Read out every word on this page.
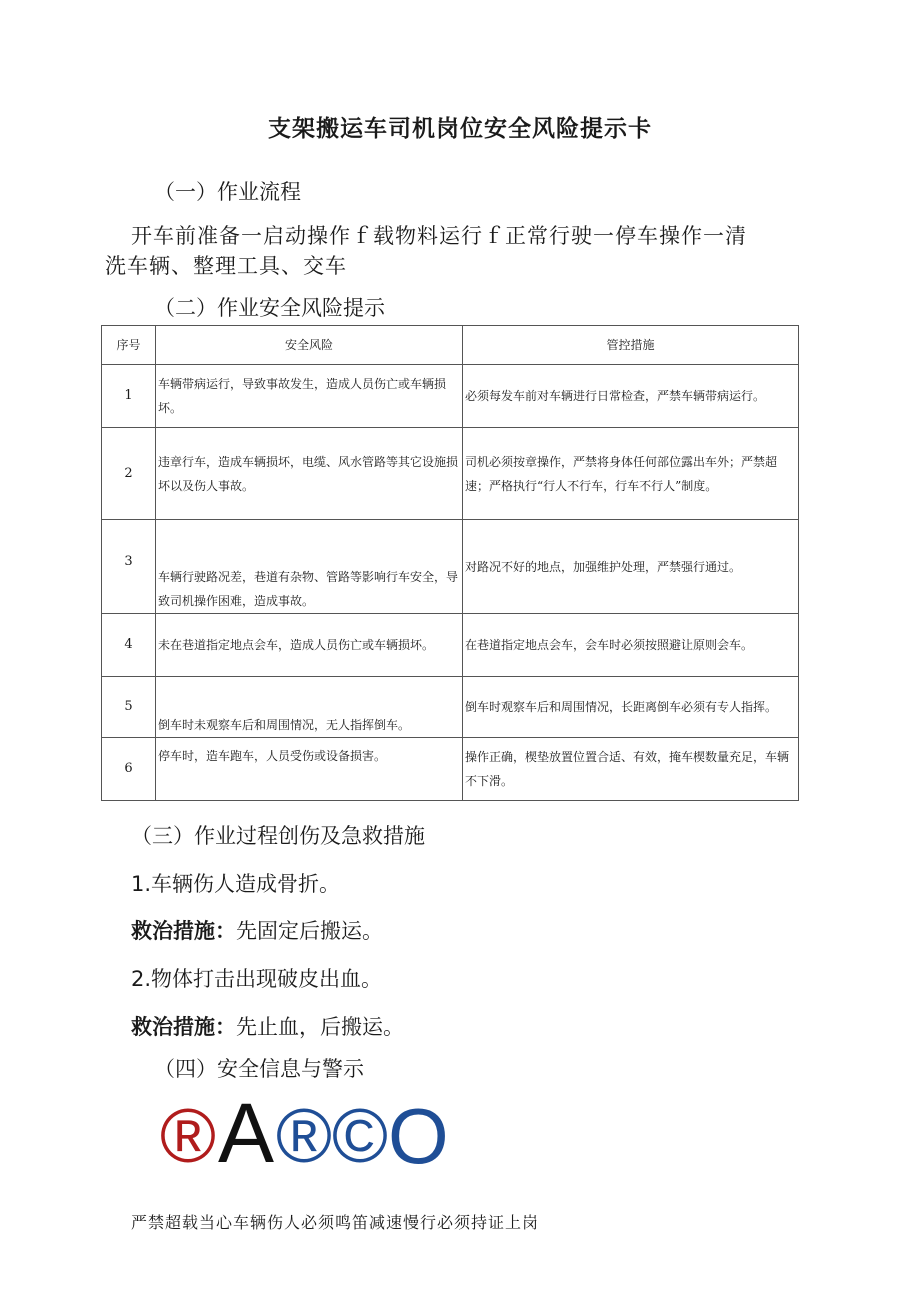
支架搬运车司机岗位安全风险提示卡
（一）作业流程
开车前准备一启动操作ｆ载物料运行ｆ正常行驶一停车操作一清
洗车辆、整理工具、交车
（二）作业安全风险提示
序号	安全风险	管控措施
1	车辆带病运行，导致事故发生，造成人员伤亡或车辆损坏。	必须每发车前对车辆进行日常检查，严禁车辆带病运行。
2	违章行车，造成车辆损坏，电缆、风水管路等其它设施损坏以及伤人事故。	司机必须按章操作，严禁将身体任何部位露出车外；严禁超速；严格执行“行人不行车，行车不行人”制度。
3	车辆行驶路况差，巷道有杂物、管路等影响行车安全，导致司机操作困难，造成事故。	对路况不好的地点，加强维护处理，严禁强行通过。
4	未在巷道指定地点会车，造成人员伤亡或车辆损坏。	在巷道指定地点会车，会车时必须按照避让原则会车。
5	倒车时未观察车后和周围情况，无人指挥倒车。	倒车时观察车后和周围情况，长距离倒车必须有专人指挥。
6	停车时，造车跑车，人员受伤或设备损害。	操作正确，楔垫放置位置合适、有效，掩车楔数量充足，车辆不下滑。
（三）作业过程创伤及急救措施
1.车辆伤人造成骨折。
救治措施：先固定后搬运。
2.物体打击出现破皮出血。
救治措施：先止血，后搬运。
（四）安全信息与警示
® A ® © O
严禁超载当心车辆伤人必须鸣笛减速慢行必须持证上岗
